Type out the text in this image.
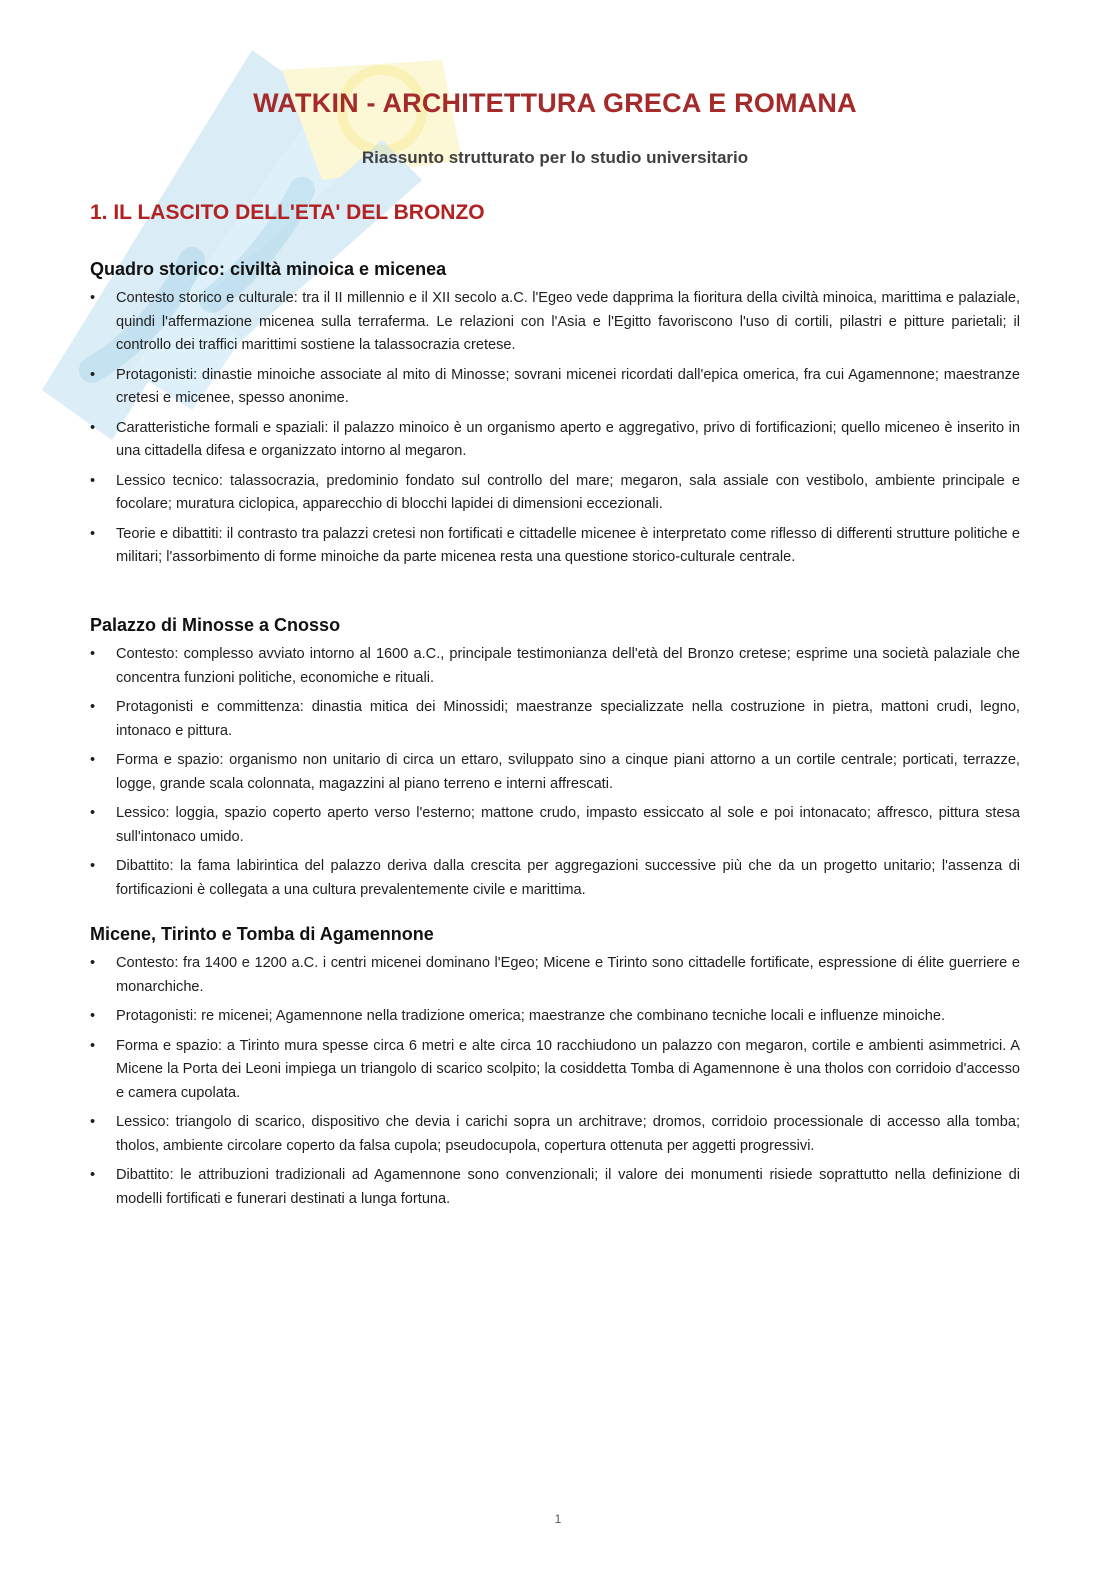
WATKIN - ARCHITETTURA GRECA E ROMANA
Riassunto strutturato per lo studio universitario
1. IL LASCITO DELL'ETA' DEL BRONZO
Quadro storico: civiltà minoica e micenea
•	Contesto storico e culturale: tra il II millennio e il XII secolo a.C. l'Egeo vede dapprima la fioritura della civiltà minoica, marittima e palaziale, quindi l'affermazione micenea sulla terraferma. Le relazioni con l'Asia e l'Egitto favoriscono l'uso di cortili, pilastri e pitture parietali; il controllo dei traffici marittimi sostiene la talassocrazia cretese.
•	Protagonisti: dinastie minoiche associate al mito di Minosse; sovrani micenei ricordati dall'epica omerica, fra cui Agamennone; maestranze cretesi e micenee, spesso anonime.
•	Caratteristiche formali e spaziali: il palazzo minoico è un organismo aperto e aggregativo, privo di fortificazioni; quello miceneo è inserito in una cittadella difesa e organizzato intorno al megaron.
•	Lessico tecnico: talassocrazia, predominio fondato sul controllo del mare; megaron, sala assiale con vestibolo, ambiente principale e focolare; muratura ciclopica, apparecchio di blocchi lapidei di dimensioni eccezionali.
•	Teorie e dibattiti: il contrasto tra palazzi cretesi non fortificati e cittadelle micenee è interpretato come riflesso di differenti strutture politiche e militari; l'assorbimento di forme minoiche da parte micenea resta una questione storico-culturale centrale.
Palazzo di Minosse a Cnosso
•	Contesto: complesso avviato intorno al 1600 a.C., principale testimonianza dell'età del Bronzo cretese; esprime una società palaziale che concentra funzioni politiche, economiche e rituali.
•	Protagonisti e committenza: dinastia mitica dei Minossidi; maestranze specializzate nella costruzione in pietra, mattoni crudi, legno, intonaco e pittura.
•	Forma e spazio: organismo non unitario di circa un ettaro, sviluppato sino a cinque piani attorno a un cortile centrale; porticati, terrazze, logge, grande scala colonnata, magazzini al piano terreno e interni affrescati.
•	Lessico: loggia, spazio coperto aperto verso l'esterno; mattone crudo, impasto essiccato al sole e poi intonacato; affresco, pittura stesa sull'intonaco umido.
•	Dibattito: la fama labirintica del palazzo deriva dalla crescita per aggregazioni successive più che da un progetto unitario; l'assenza di fortificazioni è collegata a una cultura prevalentemente civile e marittima.
Micene, Tirinto e Tomba di Agamennone
•	Contesto: fra 1400 e 1200 a.C. i centri micenei dominano l'Egeo; Micene e Tirinto sono cittadelle fortificate, espressione di élite guerriere e monarchiche.
•	Protagonisti: re micenei; Agamennone nella tradizione omerica; maestranze che combinano tecniche locali e influenze minoiche.
•	Forma e spazio: a Tirinto mura spesse circa 6 metri e alte circa 10 racchiudono un palazzo con megaron, cortile e ambienti asimmetrici. A Micene la Porta dei Leoni impiega un triangolo di scarico scolpito; la cosiddetta Tomba di Agamennone è una tholos con corridoio d'accesso e camera cupolata.
•	Lessico: triangolo di scarico, dispositivo che devia i carichi sopra un architrave; dromos, corridoio processionale di accesso alla tomba; tholos, ambiente circolare coperto da falsa cupola; pseudocupola, copertura ottenuta per aggetti progressivi.
•	Dibattito: le attribuzioni tradizionali ad Agamennone sono convenzionali; il valore dei monumenti risiede soprattutto nella definizione di modelli fortificati e funerari destinati a lunga fortuna.
1
